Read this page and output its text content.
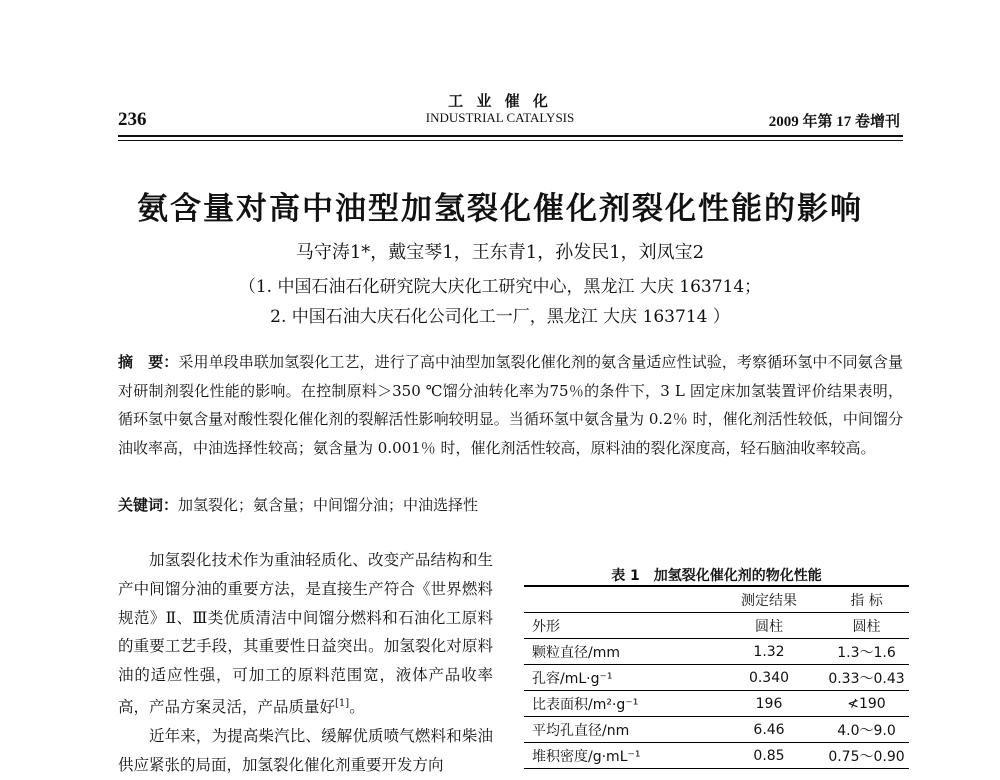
工 业 催 化
INDUSTRIAL CATALYSIS
236	2009 年第 17 卷增刊
氨含量对高中油型加氢裂化催化剂裂化性能的影响
马守涛1*，戴宝琴1，王东青1，孙发民1，刘凤宝2
（1. 中国石油石化研究院大庆化工研究中心，黑龙江 大庆 163714；
2. 中国石油大庆石化公司化工一厂，黑龙江 大庆 163714 ）
摘　要：采用单段串联加氢裂化工艺，进行了高中油型加氢裂化催化剂的氨含量适应性试验，考察循环氢中不同氨含量对研制剂裂化性能的影响。在控制原料＞350 ℃馏分油转化率为75％的条件下，3 L 固定床加氢装置评价结果表明，循环氢中氨含量对酸性裂化催化剂的裂解活性影响较明显。当循环氢中氨含量为 0.2％ 时，催化剂活性较低，中间馏分油收率高，中油选择性较高；氨含量为 0.001％ 时，催化剂活性较高，原料油的裂化深度高，轻石脑油收率较高。
关键词：加氢裂化；氨含量；中间馏分油；中油选择性

加氢裂化技术作为重油轻质化、改变产品结构和生产中间馏分油的重要方法，是直接生产符合《世界燃料规范》Ⅱ、Ⅲ类优质清洁中间馏分燃料和石油化工原料的重要工艺手段，其重要性日益突出。加氢裂化对原料油的适应性强，可加工的原料范围宽，液体产品收率高，产品方案灵活，产品质量好[1]。

近年来，为提高柴汽比、缓解优质喷气燃料和柴油供应紧张的局面，加氢裂化催化剂重要开发方向

表 1　加氢裂化催化剂的物化性能
	测定结果	指 标
外形	圆柱	圆柱
颗粒直径/mm	1.32	1.3～1.6
孔容/mL·g⁻¹	0.340	0.33～0.43
比表面积/m²·g⁻¹	196	≮190
平均孔直径/nm	6.46	4.0～9.0
堆积密度/g·mL⁻¹	0.85	0.75～0.90
